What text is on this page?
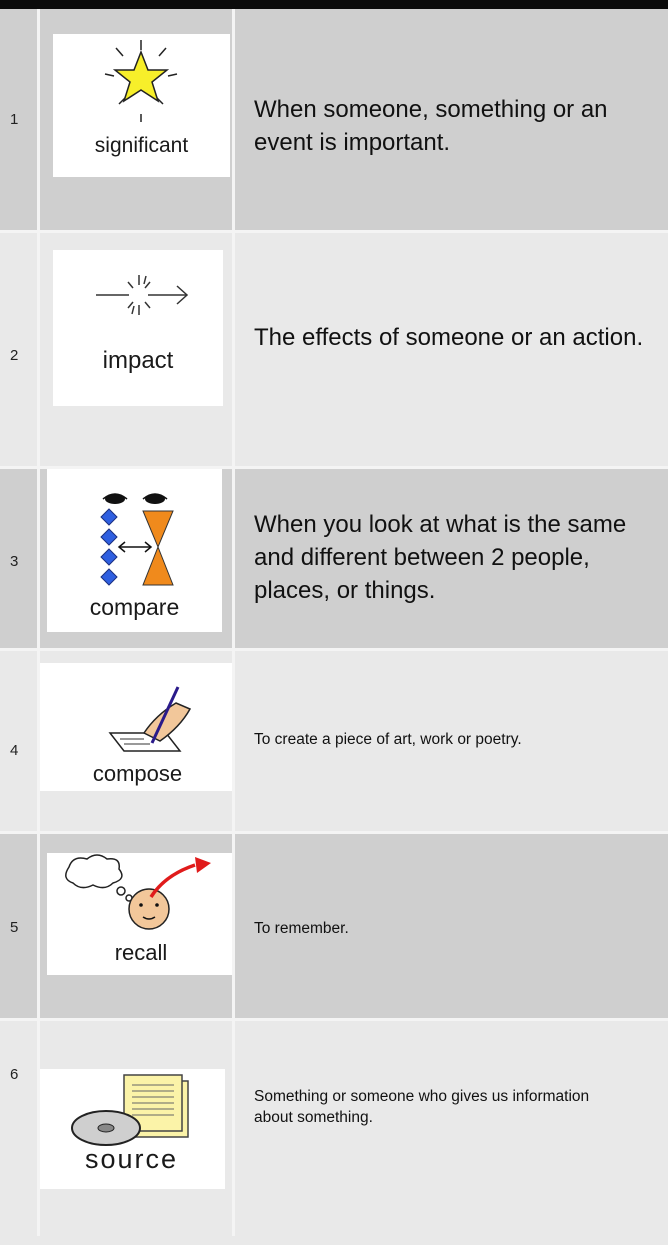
1
significant
When someone, something or an event is important.
2	impact
The effects of someone or an action.
3
compare
When you look at what is the same and different between 2 people, places, or things.
4
compose
To create a piece of art, work or poetry.
5
recall
To remember.
6
source
Something or someone who gives us information about something.
